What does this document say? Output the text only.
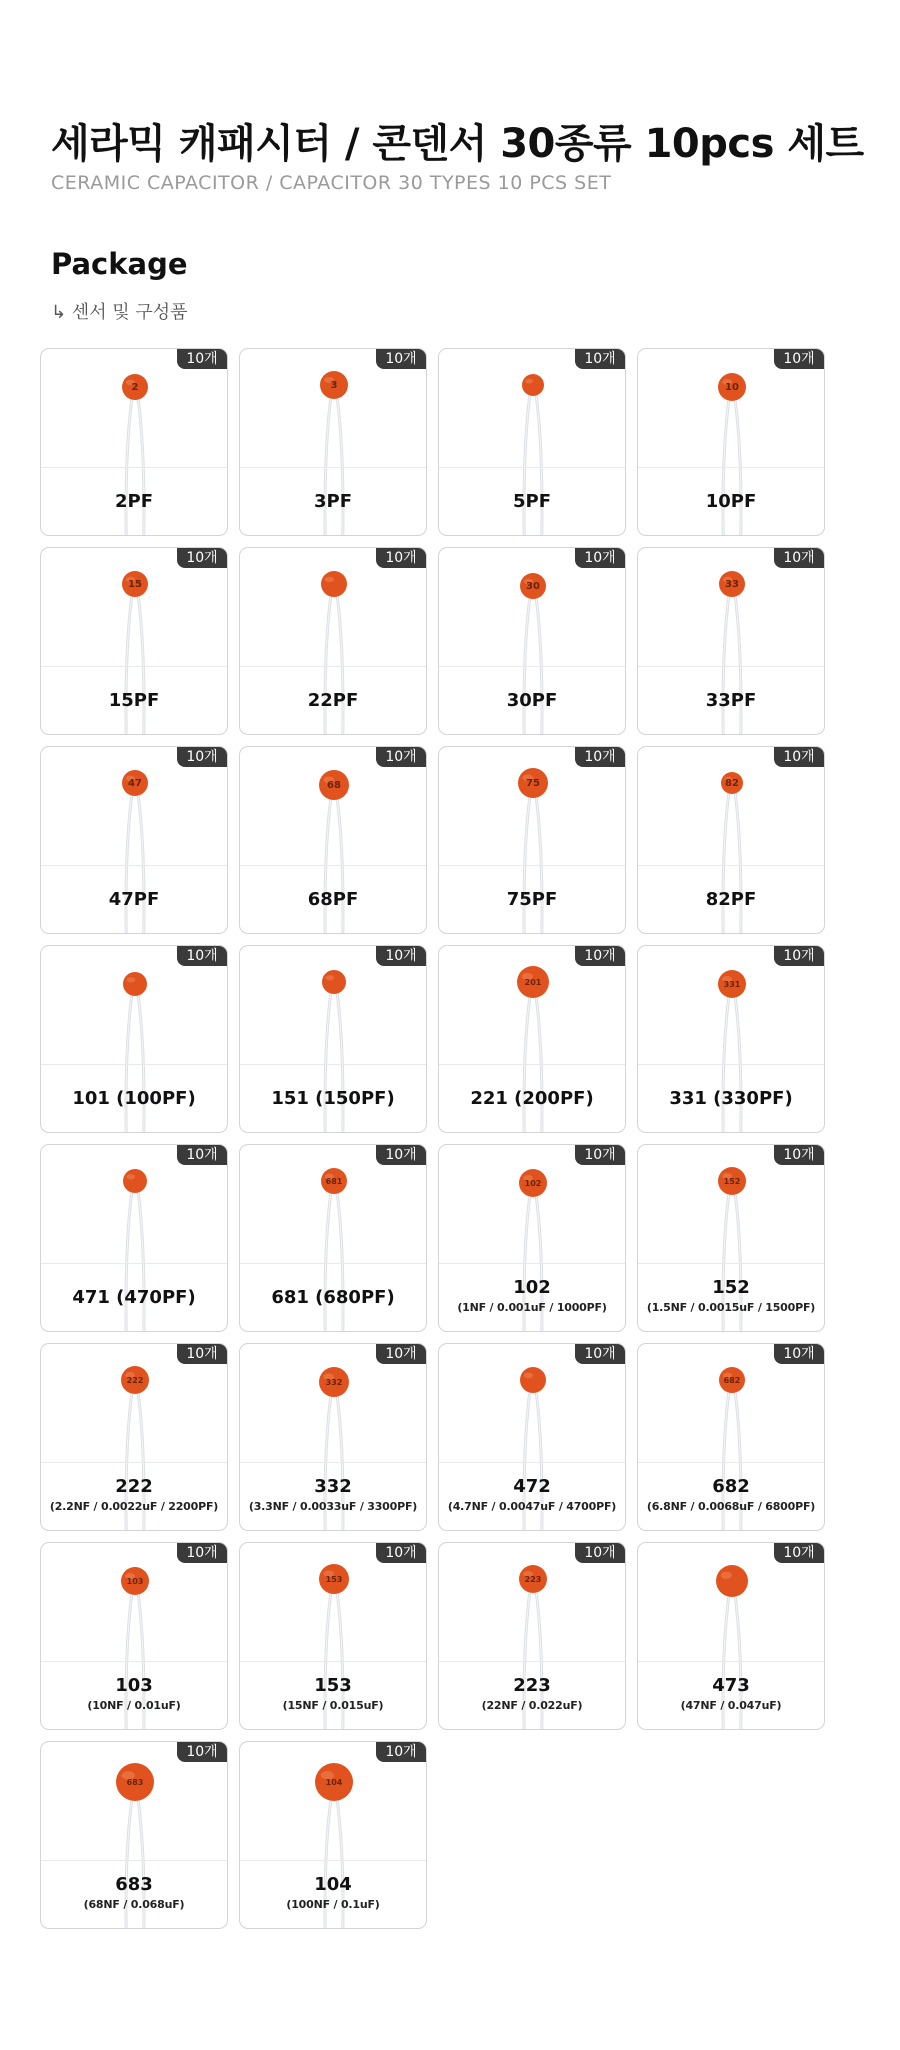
세라믹 캐패시터 / 콘덴서 30종류 10pcs 세트

CERAMIC CAPACITOR / CAPACITOR 30 TYPES 10 PCS SET

Package

↳ 센서 및 구성품

2
10개
2PF
3
10개
3PF
10개
5PF
10
10개
10PF
15
10개
15PF
10개
22PF
30
10개
30PF
33
10개
33PF
47
10개
47PF
68
10개
68PF
75
10개
75PF
82
10개
82PF
10개
101 (100PF)
10개
151 (150PF)
201
10개
221 (200PF)
331
10개
331 (330PF)
10개
471 (470PF)
681
10개
681 (680PF)
102
10개
102
(1NF / 0.001uF / 1000PF)
152
10개
152
(1.5NF / 0.0015uF / 1500PF)
222
10개
222
(2.2NF / 0.0022uF / 2200PF)
332
10개
332
(3.3NF / 0.0033uF / 3300PF)
10개
472
(4.7NF / 0.0047uF / 4700PF)
682
10개
682
(6.8NF / 0.0068uF / 6800PF)
103
10개
103
(10NF / 0.01uF)
153
10개
153
(15NF / 0.015uF)
223
10개
223
(22NF / 0.022uF)
10개
473
(47NF / 0.047uF)
683
10개
683
(68NF / 0.068uF)
104
10개
104
(100NF / 0.1uF)
